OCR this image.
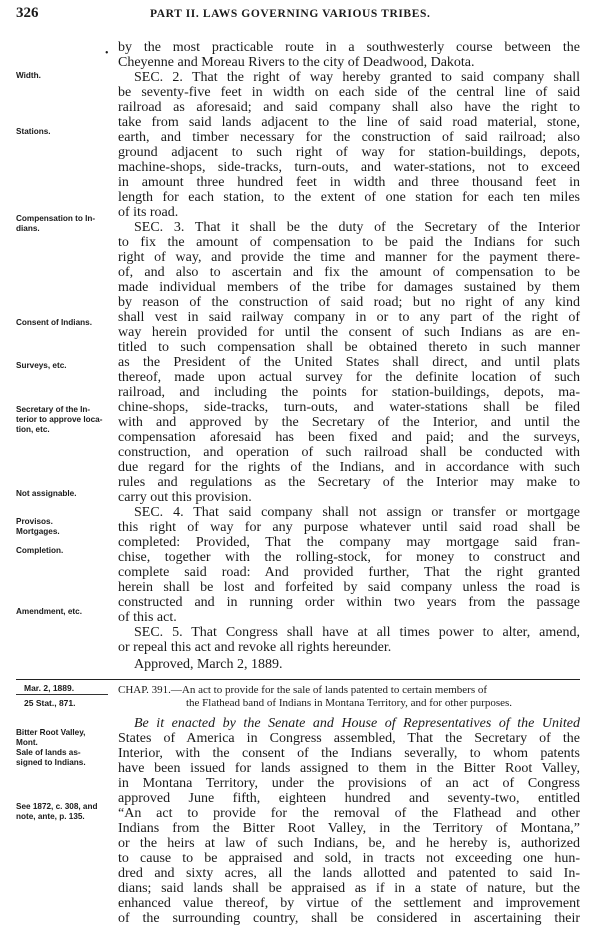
326	PART II. LAWS GOVERNING VARIOUS TRIBES.
•
Width.
Stations.
Compensation to In-
dians.
Consent of Indians.
Surveys, etc.
Secretary of the In-
terior to approve loca-
tion, etc.
Not assignable.
Provisos.
Mortgages.
Completion.
Amendment, etc.
by the most practicable route in a southwesterly course between the
Cheyenne and Moreau Rivers to the city of Deadwood, Dakota.
SEC. 2. That the right of way hereby granted to said company shall
be seventy-five feet in width on each side of the central line of said
railroad as aforesaid; and said company shall also have the right to
take from said lands adjacent to the line of said road material, stone,
earth, and timber necessary for the construction of said railroad; also
ground adjacent to such right of way for station-buildings, depots,
machine-shops, side-tracks, turn-outs, and water-stations, not to exceed
in amount three hundred feet in width and three thousand feet in
length for each station, to the extent of one station for each ten miles
of its road.
SEC. 3. That it shall be the duty of the Secretary of the Interior
to fix the amount of compensation to be paid the Indians for such
right of way, and provide the time and manner for the payment there-
of, and also to ascertain and fix the amount of compensation to be
made individual members of the tribe for damages sustained by them
by reason of the construction of said road; but no right of any kind
shall vest in said railway company in or to any part of the right of
way herein provided for until the consent of such Indians as are en-
titled to such compensation shall be obtained thereto in such manner
as the President of the United States shall direct, and until plats
thereof, made upon actual survey for the definite location of such
railroad, and including the points for station-buildings, depots, ma-
chine-shops, side-tracks, turn-outs, and water-stations shall be filed
with and approved by the Secretary of the Interior, and until the
compensation aforesaid has been fixed and paid; and the surveys,
construction, and operation of such railroad shall be conducted with
due regard for the rights of the Indians, and in accordance with such
rules and regulations as the Secretary of the Interior may make to
carry out this provision.
SEC. 4. That said company shall not assign or transfer or mortgage
this right of way for any purpose whatever until said road shall be
completed: Provided, That the company may mortgage said fran-
chise, together with the rolling-stock, for money to construct and
complete said road: And provided further, That the right granted
herein shall be lost and forfeited by said company unless the road is
constructed and in running order within two years from the passage
of this act.
SEC. 5. That Congress shall have at all times power to alter, amend,
or repeal this act and revoke all rights hereunder.
Approved, March 2, 1889.
Mar. 2, 1889.
25 Stat., 871.
CHAP. 391.—An act to provide for the sale of lands patented to certain members of
the Flathead band of Indians in Montana Territory, and for other purposes.
Bitter Root Valley,
Mont.
Sale of lands as-
signed to Indians.
See 1872, c. 308, and
note, ante, p. 135.
Be it enacted by the Senate and House of Representatives of the United
States of America in Congress assembled, That the Secretary of the
Interior, with the consent of the Indians severally, to whom patents
have been issued for lands assigned to them in the Bitter Root Valley,
in Montana Territory, under the provisions of an act of Congress
approved June fifth, eighteen hundred and seventy-two, entitled
“An act to provide for the removal of the Flathead and other
Indians from the Bitter Root Valley, in the Territory of Montana,”
or the heirs at law of such Indians, be, and he hereby is, authorized
to cause to be appraised and sold, in tracts not exceeding one hun-
dred and sixty acres, all the lands allotted and patented to said In-
dians; said lands shall be appraised as if in a state of nature, but the
enhanced value thereof, by virtue of the settlement and improvement
of the surrounding country, shall be considered in ascertaining their
